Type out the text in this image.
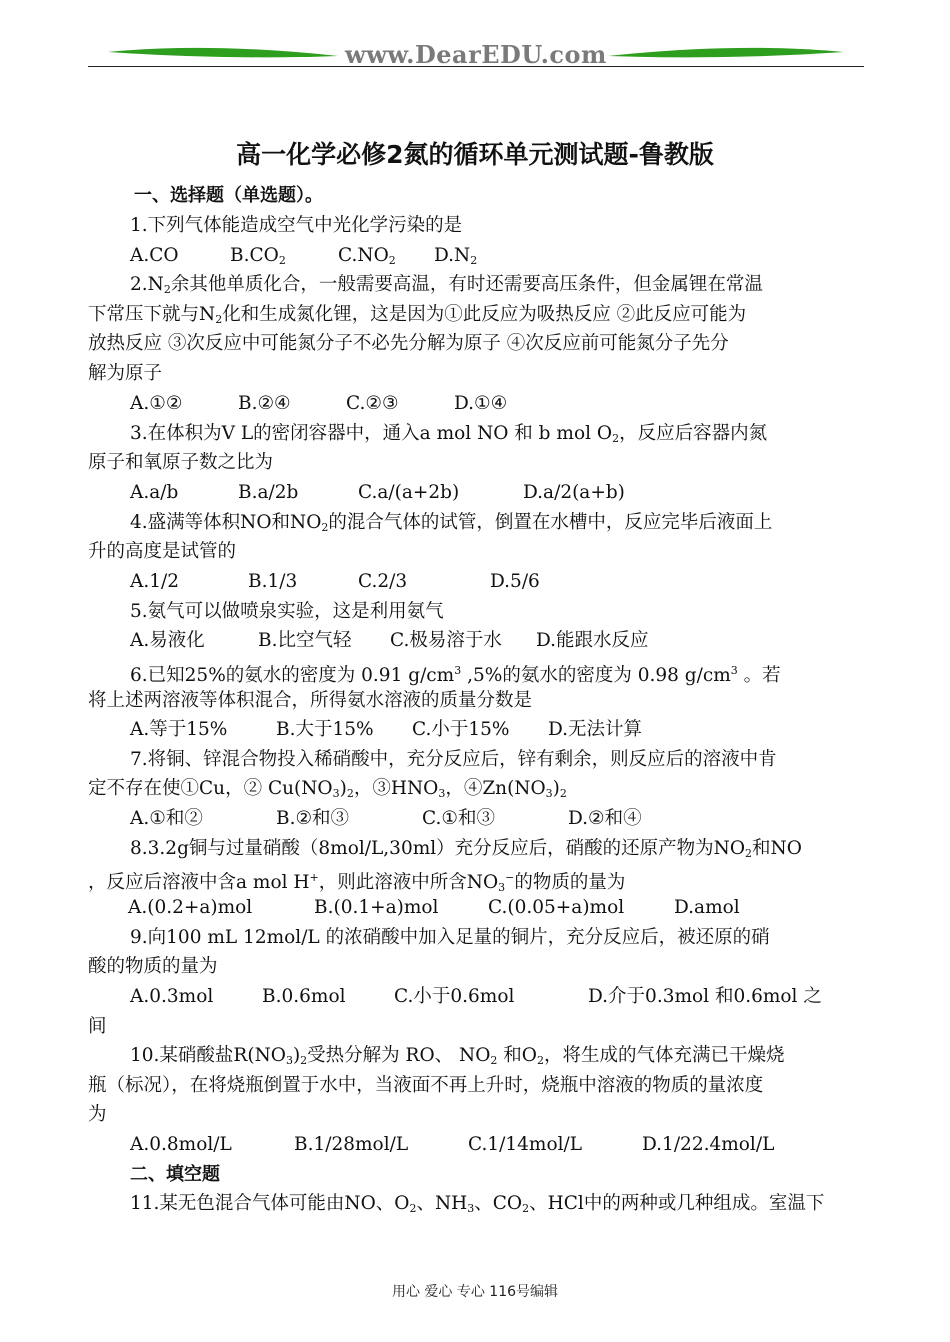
www.DearEDU.com
高一化学必修2氮的循环单元测试题-鲁教版
一、选择题（单选题）。
1.下列气体能造成空气中光化学污染的是
A.CO	$B.CO_2$	$C.NO_2$ $D.N_2$
$2.N_2$余其他单质化合，一般需要高温，有时还需要高压条件，但金属锂在常温
下常压下就与$N_2$化和生成氮化锂，这是因为①此反应为吸热反应 ②此反应可能为
放热反应 ③次反应中可能氮分子不必先分解为原子 ④次反应前可能氮分子先分
解为原子
A.①②	B.②④	C.②③	D.①④
3.在体积为V L的密闭容器中，通入a mol NO 和 b mol $O_2$，反应后容器内氮
原子和氧原子数之比为
A.a/b	B.a/2b	C.a/(a+2b)	D.a/2(a+b)
4.盛满等体积NO和$NO_2$的混合气体的试管，倒置在水槽中，反应完毕后液面上
升的高度是试管的
A.1/2	B.1/3	C.2/3	D.5/6
5.氨气可以做喷泉实验，这是利用氨气
A.易液化	B.比空气轻 C.极易溶于水 D.能跟水反应
6.已知25%的氨水的密度为 0.91 $g/cm^3$ ,5%的氨水的密度为 0.98 $g/cm^3$ 。若
将上述两溶液等体积混合，所得氨水溶液的质量分数是
A.等于15%	B.大于15% C.小于15% D.无法计算
7.将铜、锌混合物投入稀硝酸中，充分反应后，锌有剩余，则反应后的溶液中肯
定不存在使①Cu，② $Cu(NO_3)_2$，$③HNO_3$，$④Zn(NO_3)_2$
A.①和②	B.②和③	C.①和③	D.②和④
8.3.2g铜与过量硝酸（8mol/L,30ml）充分反应后，硝酸的还原产物为$NO_2$和NO
，反应后溶液中含a mol H+，则此溶液中所含$NO_3^-$的物质的量为
A.(0.2+a)mol	B.(0.1+a)mol	C.(0.05+a)mol	D.amol
9.向100 mL 12mol/L 的浓硝酸中加入足量的铜片，充分反应后，被还原的硝
酸的物质的量为
A.0.3mol	B.0.6mol	C.小于0.6mol	D.介于0.3mol 和0.6mol 之
间
10.某硝酸盐$R(NO_3)_2$受热分解为 RO、 $NO_2$ 和$O_2$，将生成的气体充满已干燥烧
瓶（标况），在将烧瓶倒置于水中，当液面不再上升时，烧瓶中溶液的物质的量浓度
为
A.0.8mol/L	B.1/28mol/L	C.1/14mol/L	D.1/22.4mol/L
二、填空题
11.某无色混合气体可能由NO、$O_2$、$NH_3$、$CO_2$、HCl中的两种或几种组成。室温下
用心 爱心 专心 116号编辑
